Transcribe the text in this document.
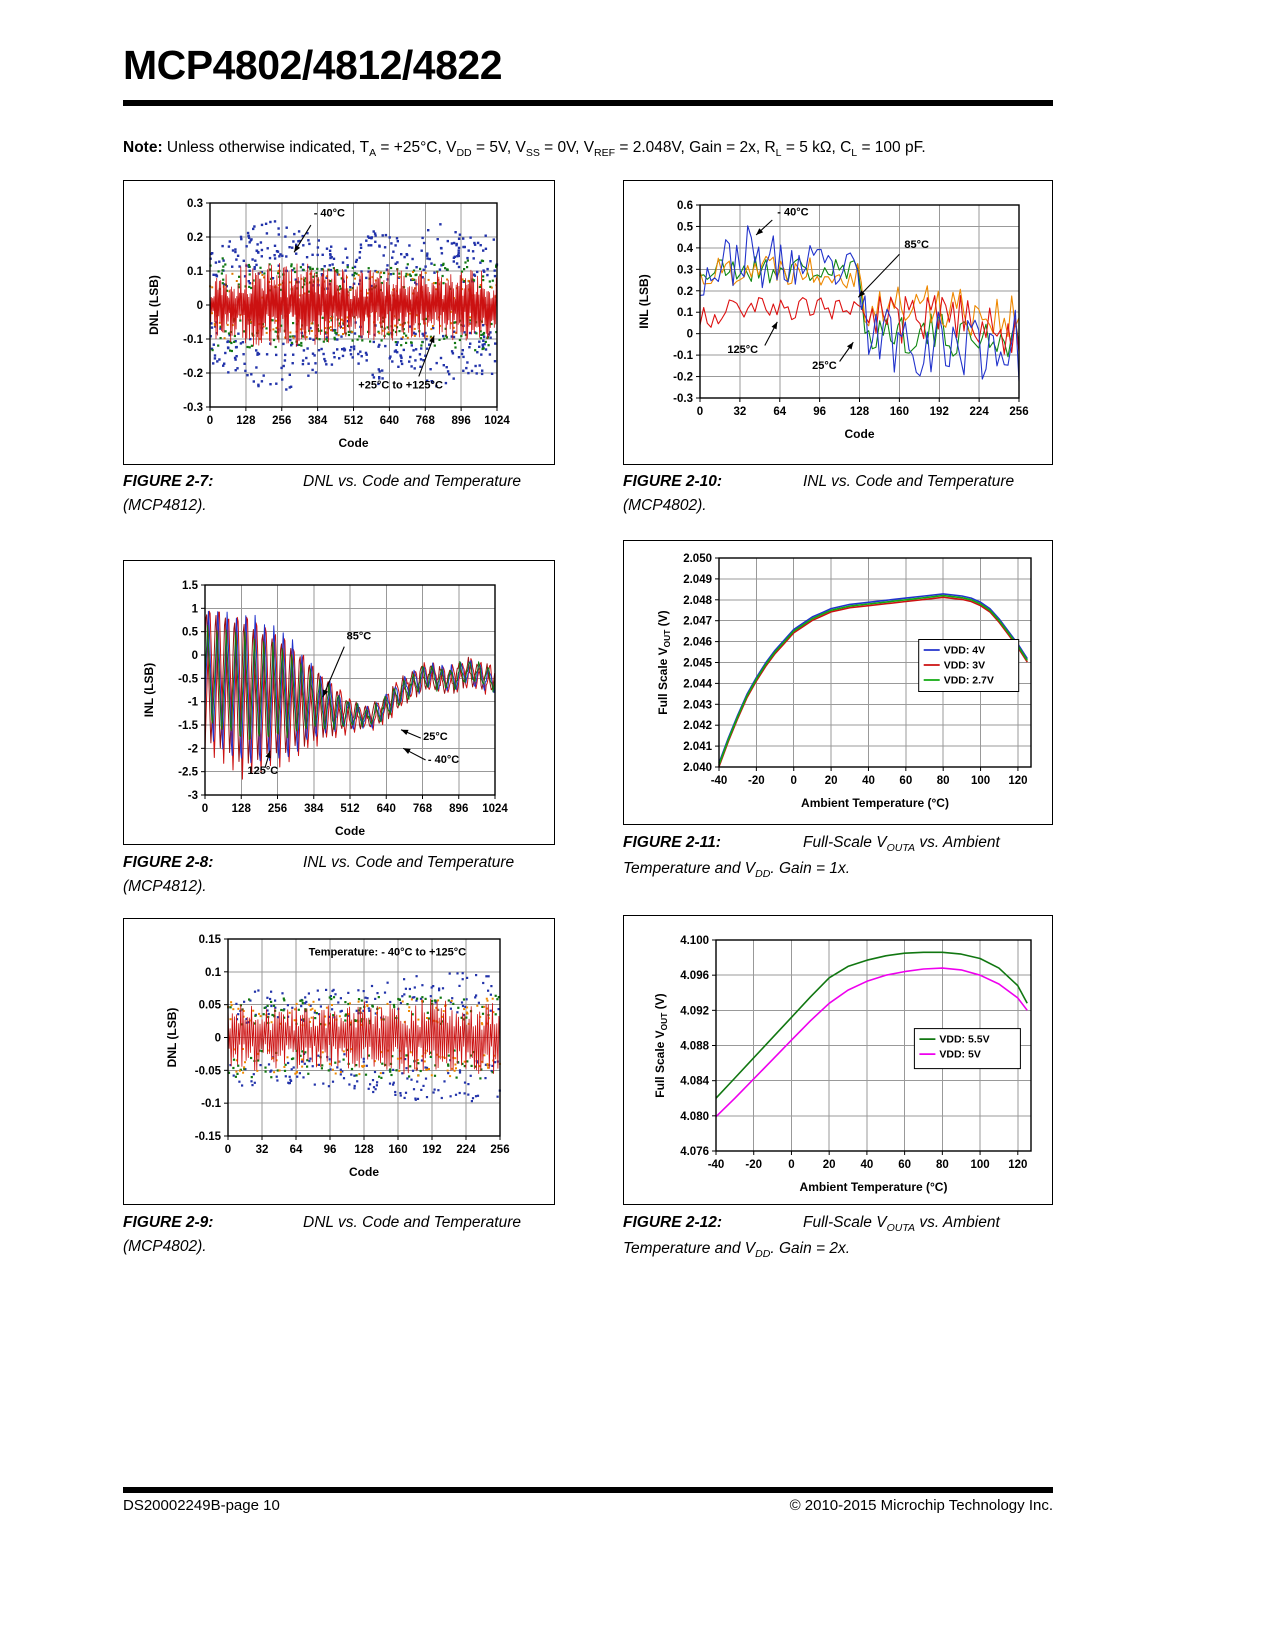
MCP4802/4812/4822

Note: Unless otherwise indicated, $T_A = +25^\circ C$, $V_{DD} = 5V$, $V_{SS} = 0V$, $V_{REF} = 2.048V$, Gain = 2x, $R_L = 5$ kΩ, $C_L = 100$ pF.

0 128 256 384 512 640 768 896 1024
0.3
0.2
0.1
0
-0.1
-0.2
-0.3
Code
DNL (LSB)
- 40°C
+25°C to +125°C
0	32 64 96 128 160 192 224 256
0.6
0.5
0.4
0.3
0.2
0.1
0
-0.1
-0.2
-0.3
Code
INL (LSB)
- 40°C
85°C
125°C
25°C
0 128 256 384 512 640 768 896 1024
1.5
1
0.5
0
-0.5
-1
-1.5
-2
-2.5
-3
Code
INL (LSB)
85°C
25°C
- 40°C
125°C
-40 -20 0 20 40 60 80 100 120
2.050
2.049
2.048
2.047
2.046
2.045
2.044
2.043
2.042
2.041
2.040
Ambient Temperature (°C)
Full Scale $V_{OUT}$ (V)
VDD: 4V
VDD: 3V
VDD: 2.7V
0 32 64 96 128 160 192 224 256
0.15
0.1
0.05
0
-0.05
-0.1
-0.15
Code
DNL (LSB)
Temperature: - 40°C to +125°C
-40 -20 0 20 40 60 80 100 120
4.100
4.096
4.092
4.088
4.084
4.080
4.076
Ambient Temperature (°C)
Full Scale $V_{OUT}$ (V)
VDD: 5.5V
VDD: 5V

FIGURE 2-7:	DNL vs. Code and Temperature (MCP4812).

FIGURE 2-10:	INL vs. Code and Temperature (MCP4802).

FIGURE 2-8:	INL vs. Code and Temperature (MCP4812).

FIGURE 2-11:	Full-Scale $V_{OUTA}$ vs. Ambient Temperature and $V_{DD}$. Gain = 1x.

FIGURE 2-9:	DNL vs. Code and Temperature (MCP4802).

FIGURE 2-12:	Full-Scale $V_{OUTA}$ vs. Ambient Temperature and $V_{DD}$. Gain = 2x.

DS20002249B-page 10	© 2010-2015 Microchip Technology Inc.
